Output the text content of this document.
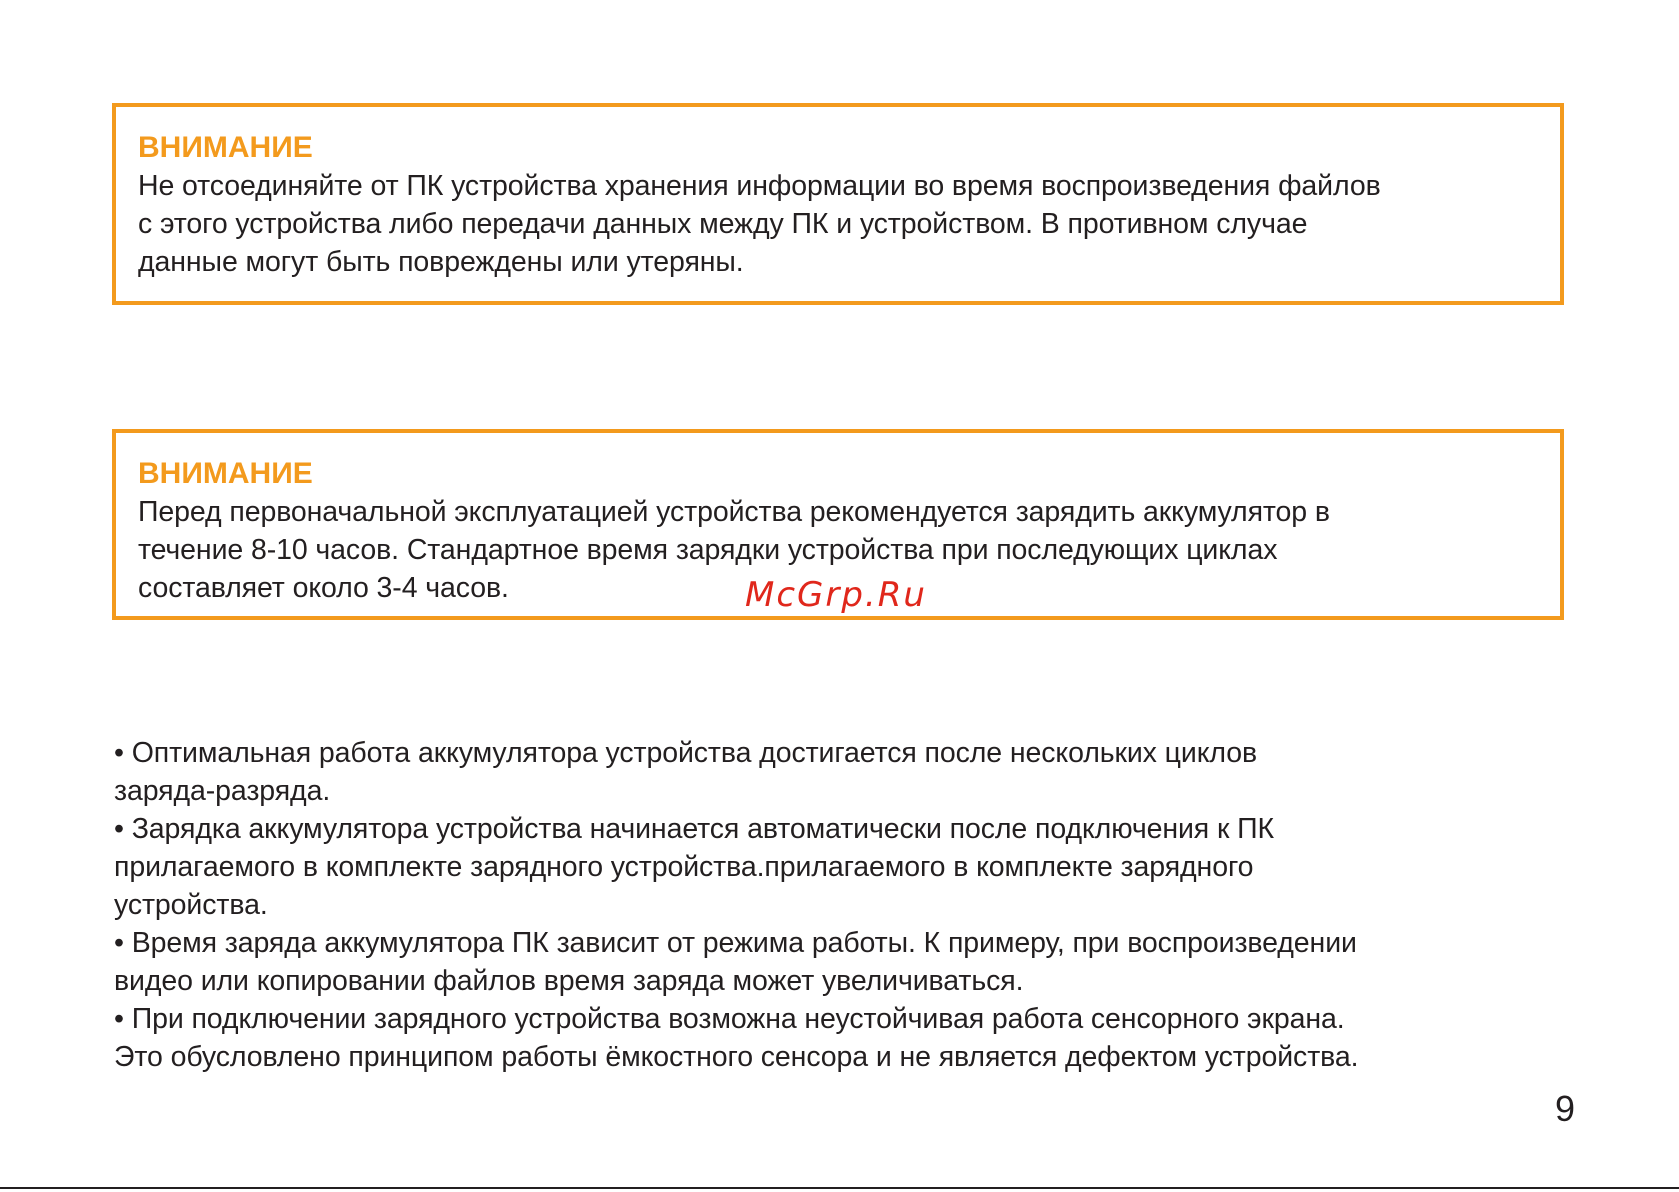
ВНИМАНИЕ

Не отсоединяйте от ПК устройства хранения информации во время воспроизведения файлов

с этого устройства либо передачи данных между ПК и устройством. В противном случае

данные могут быть повреждены или утеряны.

ВНИМАНИЕ

Перед первоначальной эксплуатацией устройства рекомендуется зарядить аккумулятор в

течение 8-10 часов. Стандартное время зарядки устройства при последующих циклах

составляет около 3-4 часов.	McGrp.Ru

• Оптимальная работа аккумулятора устройства достигается после нескольких циклов

заряда-разряда.

• Зарядка аккумулятора устройства начинается автоматически после подключения к ПК

прилагаемого в комплекте зарядного устройства.прилагаемого в комплекте зарядного

устройства.

• Время заряда аккумулятора ПК зависит от режима работы. К примеру, при воспроизведении

видео или копировании файлов время заряда может увеличиваться.

• При подключении зарядного устройства возможна неустойчивая работа сенсорного экрана.

Это обусловлено принципом работы ёмкостного сенсора и не является дефектом устройства.

9
